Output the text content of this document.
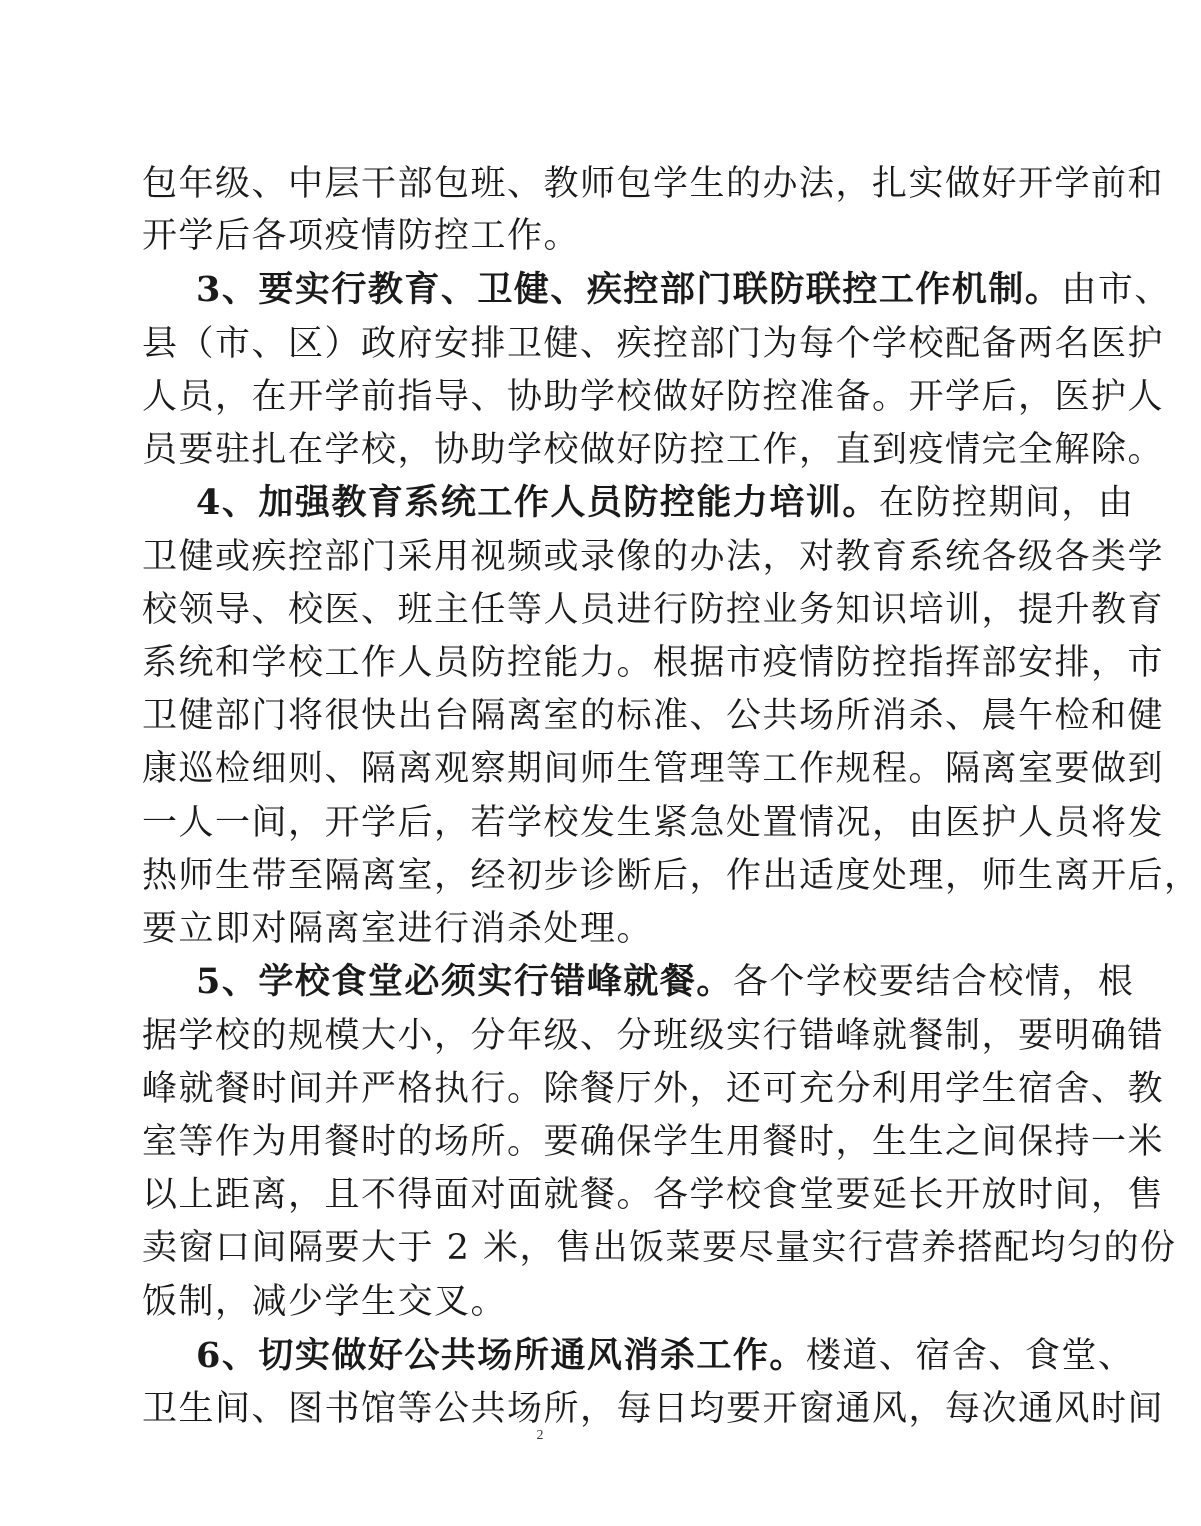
包年级、中层干部包班、教师包学生的办法，扎实做好开学前和
开学后各项疫情防控工作。
3、要实行教育、卫健、疾控部门联防联控工作机制。由市、
县（市、区）政府安排卫健、疾控部门为每个学校配备两名医护
人员，在开学前指导、协助学校做好防控准备。开学后，医护人
员要驻扎在学校，协助学校做好防控工作，直到疫情完全解除。
4、加强教育系统工作人员防控能力培训。在防控期间，由
卫健或疾控部门采用视频或录像的办法，对教育系统各级各类学
校领导、校医、班主任等人员进行防控业务知识培训，提升教育
系统和学校工作人员防控能力。根据市疫情防控指挥部安排，市
卫健部门将很快出台隔离室的标准、公共场所消杀、晨午检和健
康巡检细则、隔离观察期间师生管理等工作规程。隔离室要做到
一人一间，开学后，若学校发生紧急处置情况，由医护人员将发
热师生带至隔离室，经初步诊断后，作出适度处理，师生离开后，
要立即对隔离室进行消杀处理。
5、学校食堂必须实行错峰就餐。各个学校要结合校情，根
据学校的规模大小，分年级、分班级实行错峰就餐制，要明确错
峰就餐时间并严格执行。除餐厅外，还可充分利用学生宿舍、教
室等作为用餐时的场所。要确保学生用餐时，生生之间保持一米
以上距离，且不得面对面就餐。各学校食堂要延长开放时间，售
卖窗口间隔要大于 2 米，售出饭菜要尽量实行营养搭配均匀的份
饭制，减少学生交叉。
6、切实做好公共场所通风消杀工作。楼道、宿舍、食堂、
卫生间、图书馆等公共场所，每日均要开窗通风，每次通风时间
2
